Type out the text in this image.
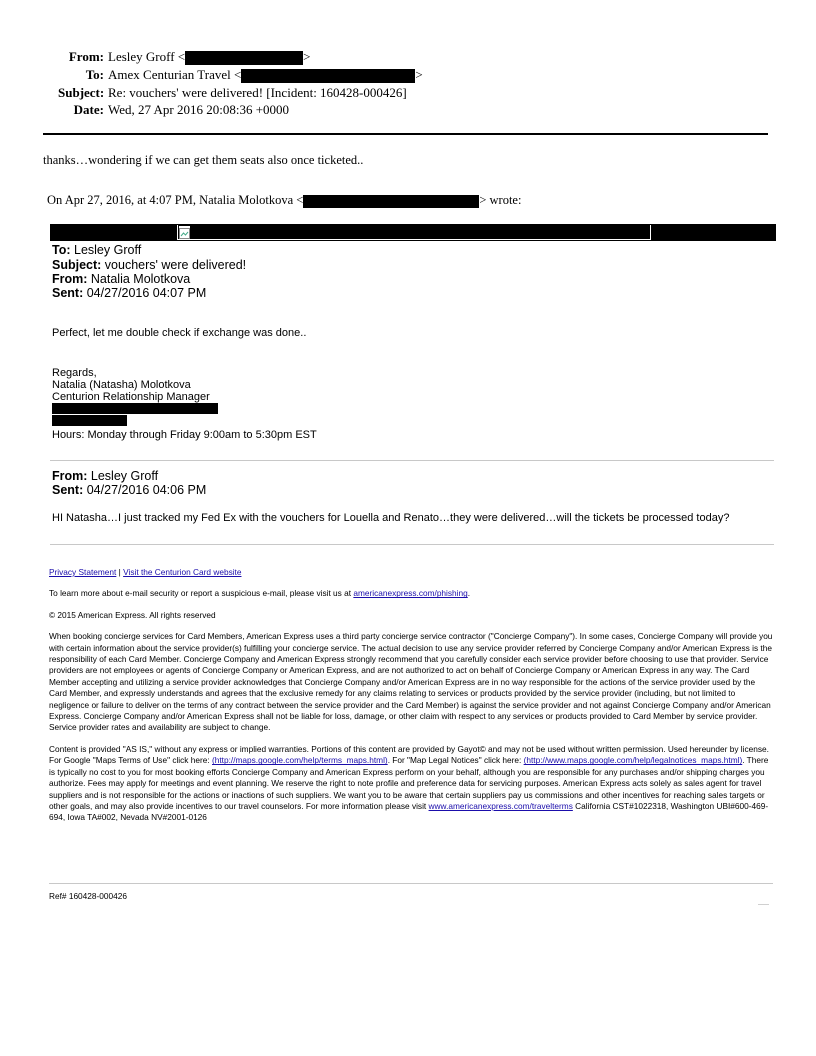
From: Lesley Groff <	>
To: Amex Centurian Travel <	>
Subject: Re: vouchers' were delivered! [Incident: 160428-000426]
Date: Wed, 27 Apr 2016 20:08:36 +0000
thanks…wondering if we can get them seats also once ticketed..
On Apr 27, 2016, at 4:07 PM, Natalia Molotkova <	> wrote:
To: Lesley Groff
Subject: vouchers' were delivered!
From: Natalia Molotkova
Sent: 04/27/2016 04:07 PM
Perfect, let me double check if exchange was done..
Regards,
Natalia (Natasha) Molotkova
Centurion Relationship Manager
Hours: Monday through Friday 9:00am to 5:30pm EST
From: Lesley Groff
Sent: 04/27/2016 04:06 PM
HI Natasha…I just tracked my Fed Ex with the vouchers for Louella and Renato…they were delivered…will the tickets be processed today?

Privacy Statement | Visit the Centurion Card website

To learn more about e-mail security or report a suspicious e-mail, please visit us at americanexpress.com/phishing.

© 2015 American Express. All rights reserved

When booking concierge services for Card Members, American Express uses a third party concierge service contractor ("Concierge Company"). In some cases, Concierge Company will provide you with certain information about the service provider(s) fulfilling your concierge service. The actual decision to use any service provider referred by Concierge Company and/or American Express is the responsibility of each Card Member. Concierge Company and American Express strongly recommend that you carefully consider each service provider before choosing to use that provider. Service providers are not employees or agents of Concierge Company or American Express, and are not authorized to act on behalf of Concierge Company or American Express in any way. The Card Member accepting and utilizing a service provider acknowledges that Concierge Company and/or American Express are in no way responsible for the actions of the service provider used by the Card Member, and expressly understands and agrees that the exclusive remedy for any claims relating to services or products provided by the service provider (including, but not limited to negligence or failure to deliver on the terms of any contract between the service provider and the Card Member) is against the service provider and not against Concierge Company and/or American Express. Concierge Company and/or American Express shall not be liable for loss, damage, or other claim with respect to any services or products provided to Card Member by service provider. Service provider rates and availability are subject to change.

Content is provided "AS IS," without any express or implied warranties. Portions of this content are provided by Gayot© and may not be used without written permission. Used hereunder by license. For Google "Maps Terms of Use" click here: (http://maps.google.com/help/terms_maps.html). For "Map Legal Notices" click here: (http://www.maps.google.com/help/legalnotices_maps.html). There is typically no cost to you for most booking efforts Concierge Company and American Express perform on your behalf, although you are responsible for any purchases and/or shipping charges you authorize. Fees may apply for meetings and event planning. We reserve the right to note profile and preference data for servicing purposes. American Express acts solely as sales agent for travel suppliers and is not responsible for the actions or inactions of such suppliers. We want you to be aware that certain suppliers pay us commissions and other incentives for reaching sales targets or other goals, and may also provide incentives to our travel counselors. For more information please visit www.americanexpress.com/travelterms California CST#1022318, Washington UBI#600-469-694, Iowa TA#002, Nevada NV#2001-0126

Ref# 160428-000426
